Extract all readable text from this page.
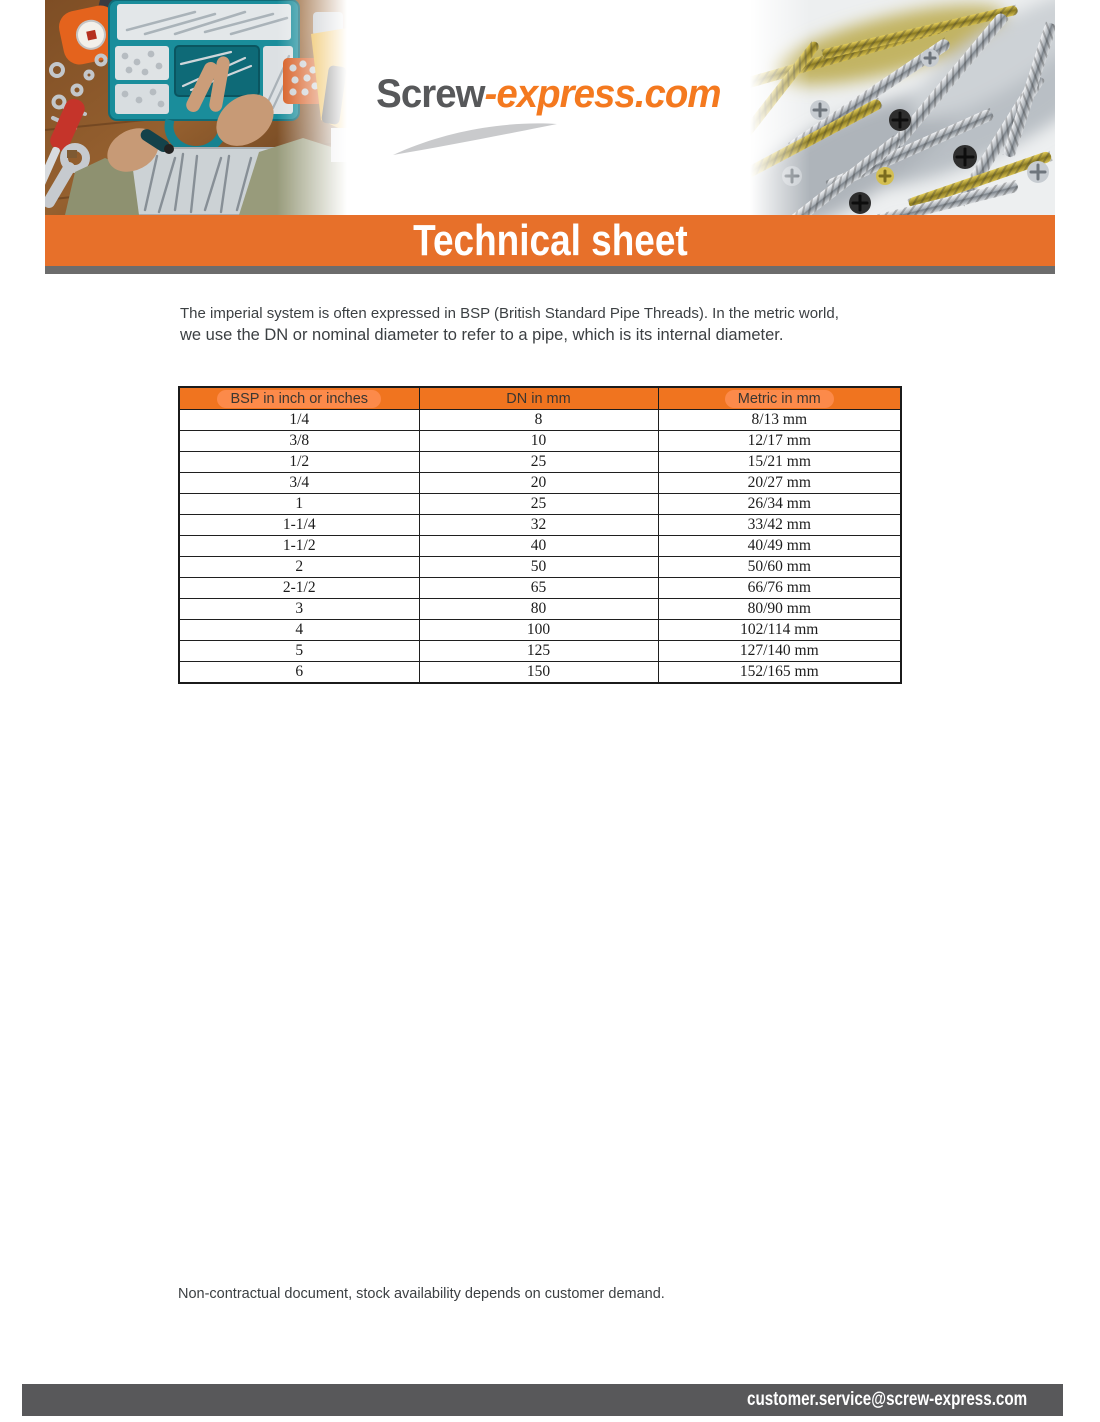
Screw-express.com
Technical sheet
The imperial system is often expressed in BSP (British Standard Pipe Threads). In the metric world,
we use the DN or nominal diameter to refer to a pipe, which is its internal diameter.
BSP in inch or inches	DN in mm	Metric in mm
1/4	8	8/13 mm
3/8	10	12/17 mm
1/2	25	15/21 mm
3/4	20	20/27 mm
1	25	26/34 mm
1-1/4	32	33/42 mm
1-1/2	40	40/49 mm
2	50	50/60 mm
2-1/2	65	66/76 mm
3	80	80/90 mm
4	100	102/114 mm
5	125	127/140 mm
6	150	152/165 mm
Non-contractual document, stock availability depends on customer demand.
customer.service@screw-express.com
